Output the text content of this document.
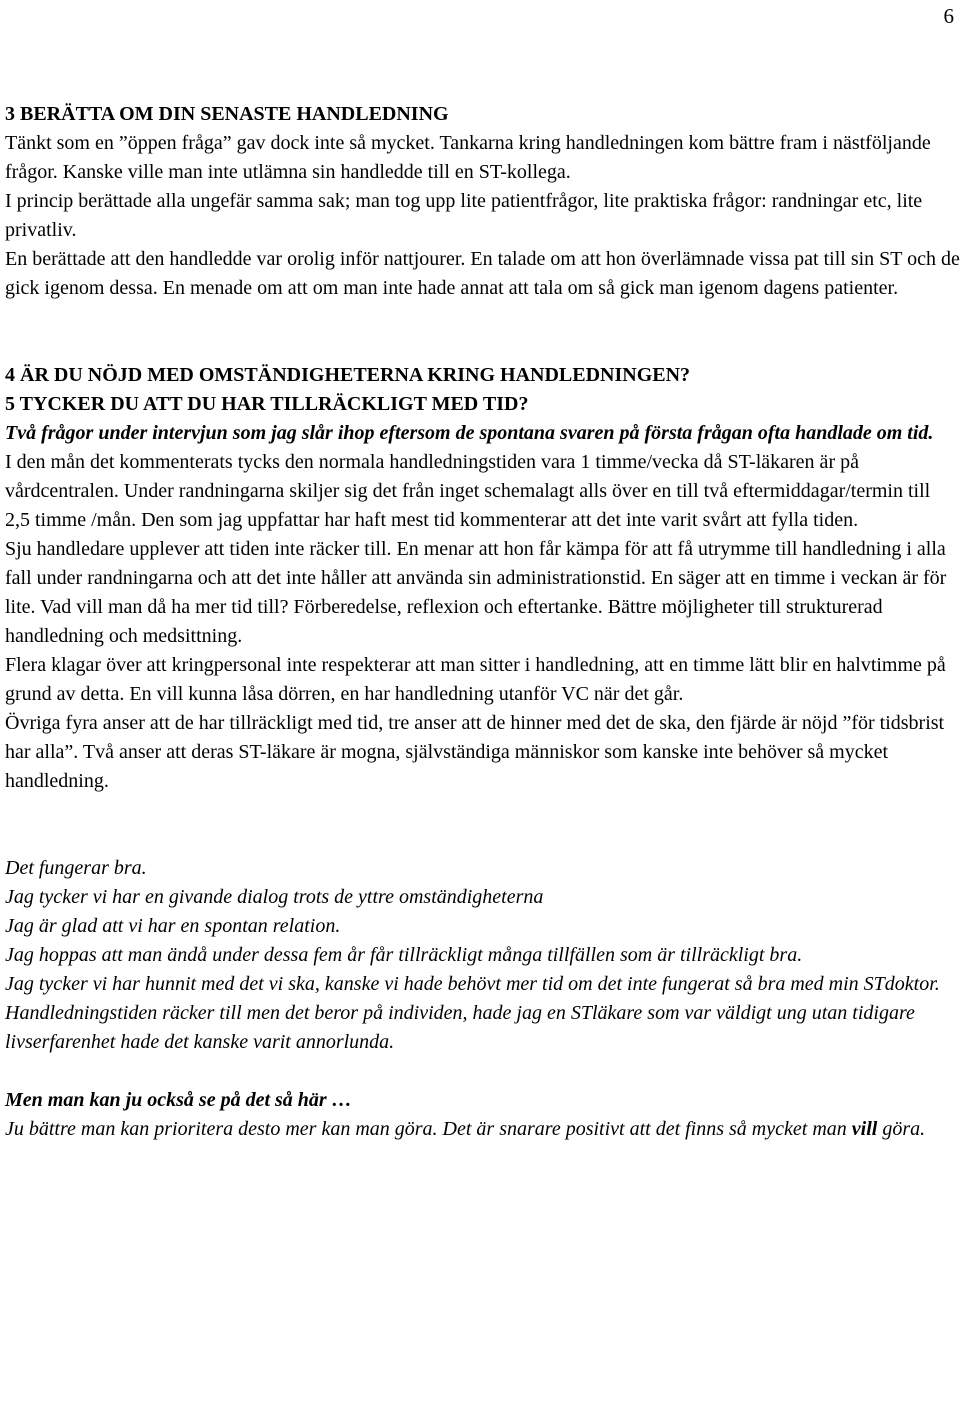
6

3 BERÄTTA OM DIN SENASTE HANDLEDNING

Tänkt som en ”öppen fråga” gav dock inte så mycket. Tankarna kring handledningen kom bättre fram i nästföljande frågor. Kanske ville man inte utlämna sin handledde till en ST-kollega.

I princip berättade alla ungefär samma sak; man tog upp lite patientfrågor, lite praktiska frågor: randningar etc, lite privatliv.

En berättade att den handledde var orolig inför nattjourer. En talade om att hon överlämnade vissa pat till sin ST och de gick igenom dessa. En menade om att om man inte hade annat att tala om så gick man igenom dagens patienter.

4 ÄR DU NÖJD MED OMSTÄNDIGHETERNA KRING HANDLEDNINGEN?

5 TYCKER DU ATT DU HAR TILLRÄCKLIGT MED TID?

Två frågor under intervjun som jag slår ihop eftersom de spontana svaren på första frågan ofta handlade om tid.

I den mån det kommenterats tycks den normala handledningstiden vara 1 timme/vecka då ST-läkaren är på vårdcentralen. Under randningarna skiljer sig det från inget schemalagt alls över en till två eftermiddagar/termin till 2,5 timme /mån. Den som jag uppfattar har haft mest tid kommenterar att det inte varit svårt att fylla tiden.

Sju handledare upplever att tiden inte räcker till. En menar att hon får kämpa för att få utrymme till handledning i alla fall under randningarna och att det inte håller att använda sin administrationstid. En säger att en timme i veckan är för lite. Vad vill man då ha mer tid till? Förberedelse, reflexion och eftertanke. Bättre möjligheter till strukturerad handledning och medsittning.

Flera klagar över att kringpersonal inte respekterar att man sitter i handledning, att en timme lätt blir en halvtimme på grund av detta. En vill kunna låsa dörren, en har handledning utanför VC när det går.

Övriga fyra anser att de har tillräckligt med tid, tre anser att de hinner med det de ska, den fjärde är nöjd ”för tidsbrist har alla”. Två anser att deras ST-läkare är mogna, självständiga människor som kanske inte behöver så mycket handledning.

Det fungerar bra.

Jag tycker vi har en givande dialog trots de yttre omständigheterna

Jag är glad att vi har en spontan relation.

Jag hoppas att man ändå under dessa fem år får tillräckligt många tillfällen som är tillräckligt bra.

Jag tycker vi har hunnit med det vi ska, kanske vi hade behövt mer tid om det inte fungerat så bra med min STdoktor.

Handledningstiden räcker till men det beror på individen, hade jag en STläkare som var väldigt ung utan tidigare livserfarenhet hade det kanske varit annorlunda.

Men man kan ju också se på det så här …

Ju bättre man kan prioritera desto mer kan man göra. Det är snarare positivt att det finns så mycket man vill göra.
